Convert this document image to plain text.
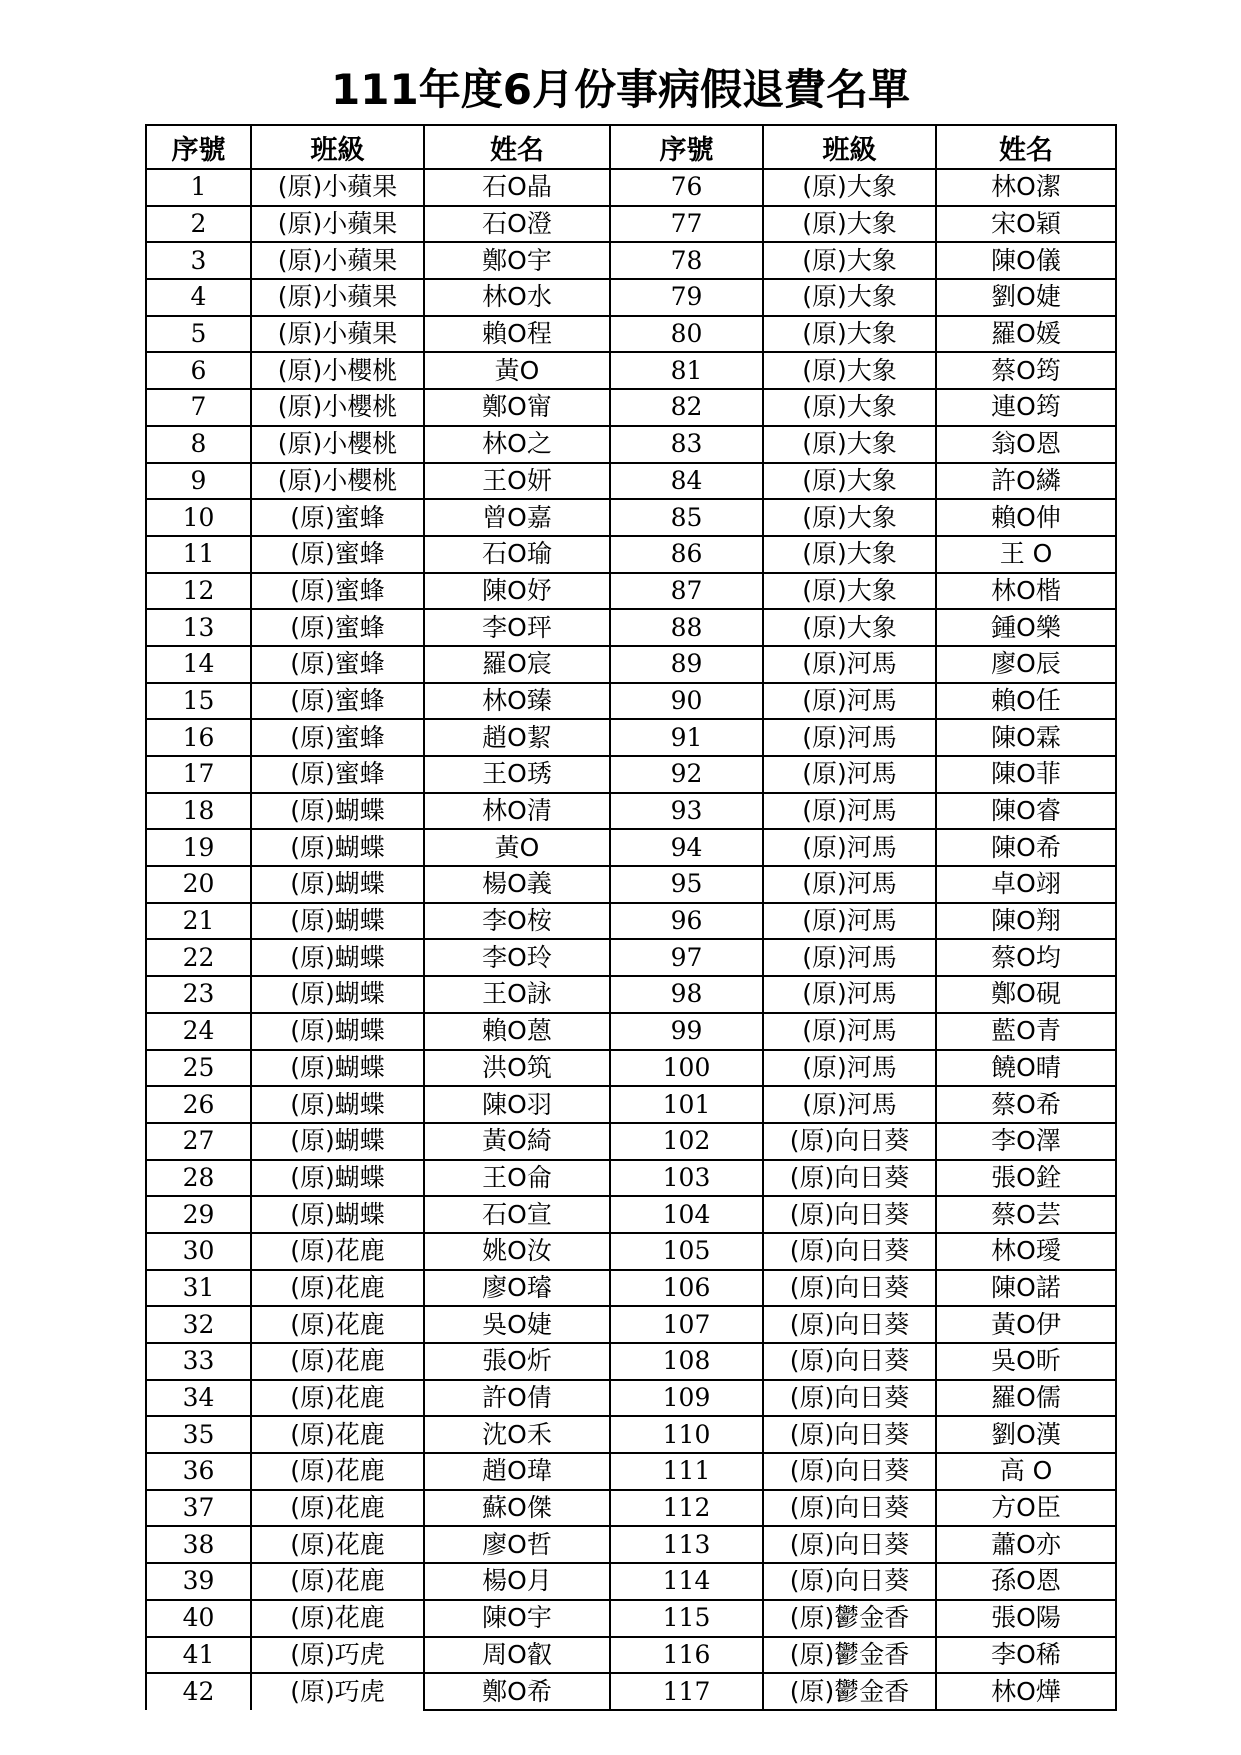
111年度6月份事病假退費名單
序號	班級	姓名	序號	班級	姓名
1	(原)小蘋果	石O晶	76	(原)大象	林O潔
2	(原)小蘋果	石O澄	77	(原)大象	宋O穎
3	(原)小蘋果	鄭O宇	78	(原)大象	陳O儀
4	(原)小蘋果	林O水	79	(原)大象	劉O婕
5	(原)小蘋果	賴O程	80	(原)大象	羅O媛
6	(原)小櫻桃	黃O	81	(原)大象	蔡O筠
7	(原)小櫻桃	鄭O甯	82	(原)大象	連O筠
8	(原)小櫻桃	林O之	83	(原)大象	翁O恩
9	(原)小櫻桃	王O妍	84	(原)大象	許O繗
10	(原)蜜蜂	曾O嘉	85	(原)大象	賴O伸
11	(原)蜜蜂	石O瑜	86	(原)大象	王 O
12	(原)蜜蜂	陳O妤	87	(原)大象	林O楷
13	(原)蜜蜂	李O玶	88	(原)大象	鍾O樂
14	(原)蜜蜂	羅O宸	89	(原)河馬	廖O辰
15	(原)蜜蜂	林O臻	90	(原)河馬	賴O任
16	(原)蜜蜂	趙O絜	91	(原)河馬	陳O霖
17	(原)蜜蜂	王O琇	92	(原)河馬	陳O菲
18	(原)蝴蝶	林O清	93	(原)河馬	陳O睿
19	(原)蝴蝶	黃O	94	(原)河馬	陳O希
20	(原)蝴蝶	楊O義	95	(原)河馬	卓O翊
21	(原)蝴蝶	李O桉	96	(原)河馬	陳O翔
22	(原)蝴蝶	李O玲	97	(原)河馬	蔡O均
23	(原)蝴蝶	王O詠	98	(原)河馬	鄭O硯
24	(原)蝴蝶	賴O蒽	99	(原)河馬	藍O青
25	(原)蝴蝶	洪O筑	100	(原)河馬	饒O晴
26	(原)蝴蝶	陳O羽	101	(原)河馬	蔡O希
27	(原)蝴蝶	黃O綺	102	(原)向日葵	李O澤
28	(原)蝴蝶	王O侖	103	(原)向日葵	張O銓
29	(原)蝴蝶	石O宣	104	(原)向日葵	蔡O芸
30	(原)花鹿	姚O汝	105	(原)向日葵	林O璦
31	(原)花鹿	廖O璿	106	(原)向日葵	陳O諾
32	(原)花鹿	吳O婕	107	(原)向日葵	黃O伊
33	(原)花鹿	張O炘	108	(原)向日葵	吳O昕
34	(原)花鹿	許O倩	109	(原)向日葵	羅O儒
35	(原)花鹿	沈O禾	110	(原)向日葵	劉O漢
36	(原)花鹿	趙O瑋	111	(原)向日葵	高 O
37	(原)花鹿	蘇O傑	112	(原)向日葵	方O臣
38	(原)花鹿	廖O哲	113	(原)向日葵	蕭O亦
39	(原)花鹿	楊O月	114	(原)向日葵	孫O恩
40	(原)花鹿	陳O宇	115	(原)鬱金香	張O陽
41	(原)巧虎	周O叡	116	(原)鬱金香	李O稀
42	(原)巧虎	鄭O希	117	(原)鬱金香	林O燁
